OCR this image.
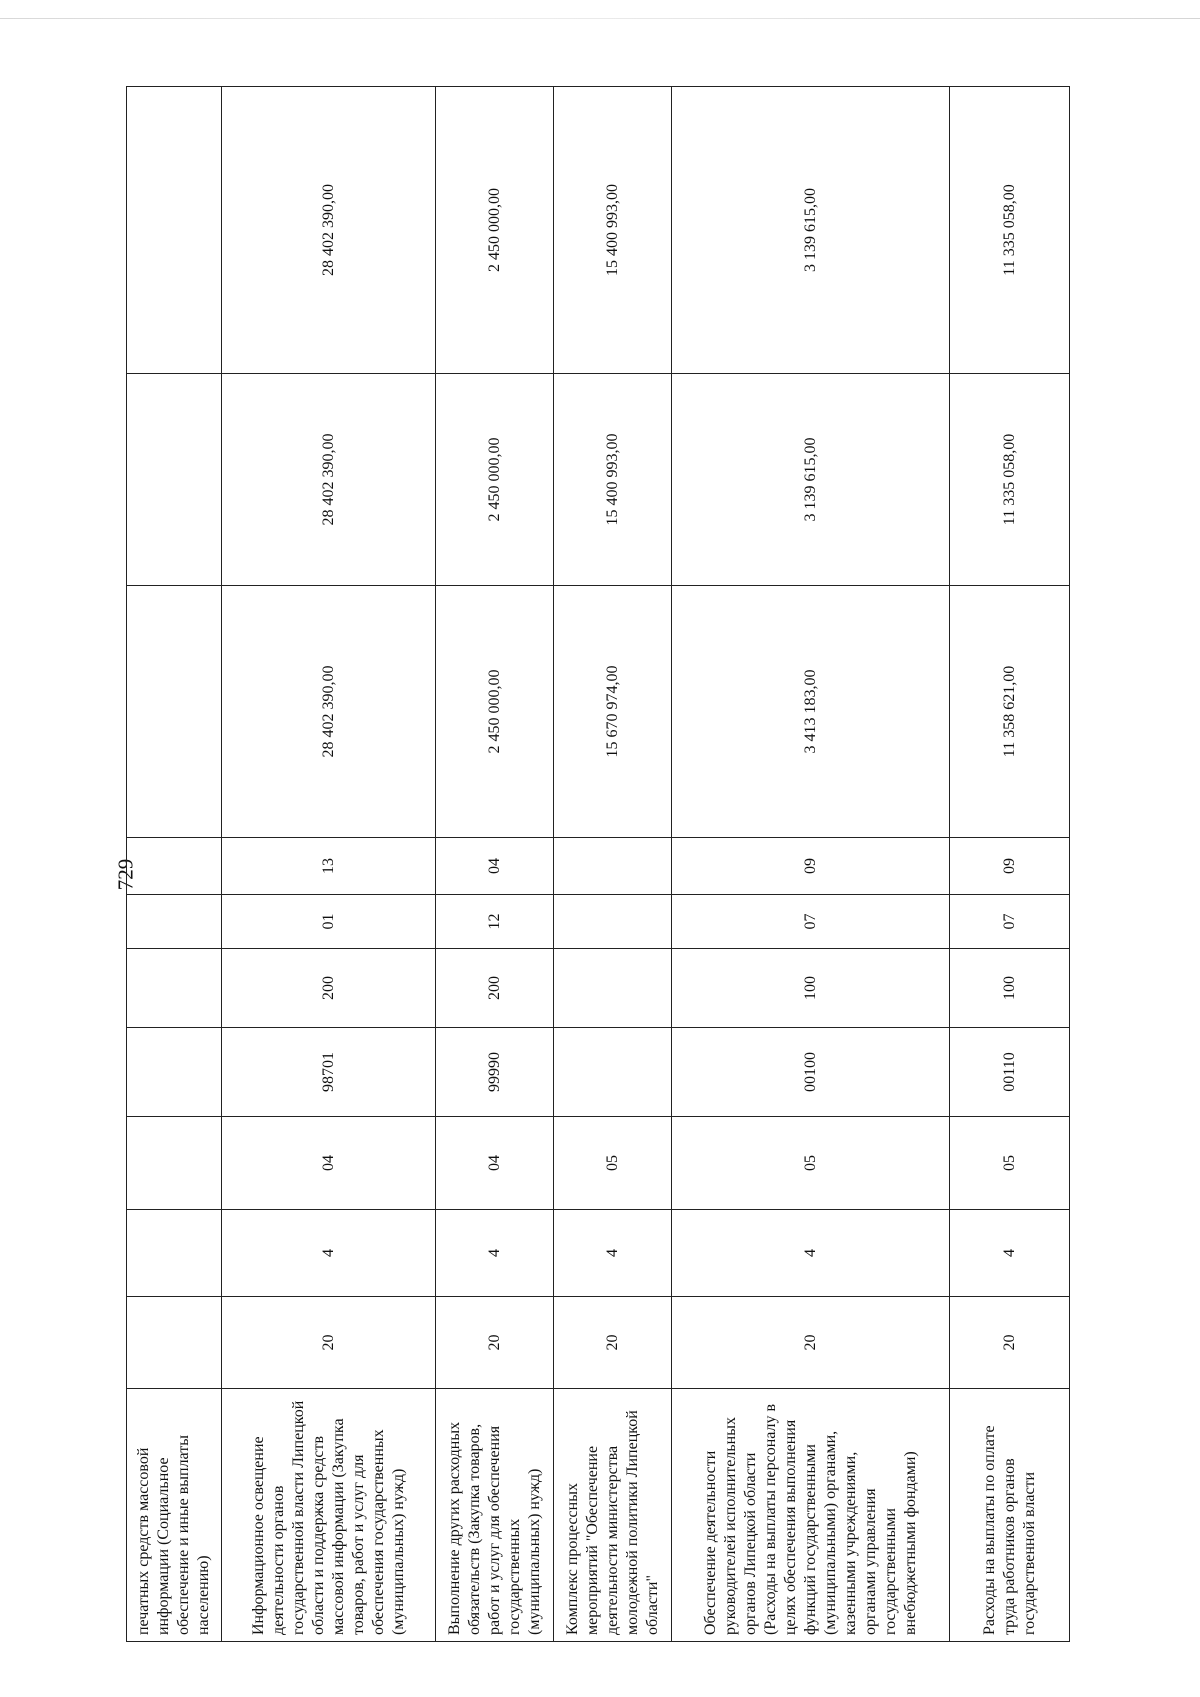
729
печатных средств массовой информации (Социальное обеспечение и иные выплаты населению)										
Информационное освещение деятельности органов государственной власти Липецкой области и поддержка средств массовой информации (Закупка товаров, работ и услуг для обеспечения государственных (муниципальных) нужд)	20	4	04	98701	200	01	13	28 402 390,00	28 402 390,00	28 402 390,00
Выполнение других расходных обязательств (Закупка товаров, работ и услуг для обеспечения государственных (муниципальных) нужд)	20	4	04	99990	200	12	04	2 450 000,00	2 450 000,00	2 450 000,00
Комплекс процессных мероприятий "Обеспечение деятельности министерства молодежной политики Липецкой области"	20	4	05					15 670 974,00	15 400 993,00	15 400 993,00
Обеспечение деятельности руководителей исполнительных органов Липецкой области (Расходы на выплаты персоналу в целях обеспечения выполнения функций государственными (муниципальными) органами, казенными учреждениями, органами управления государственными внебюджетными фондами)	20	4	05	00100	100	07	09	3 413 183,00	3 139 615,00	3 139 615,00
Расходы на выплаты по оплате труда работников органов государственной власти	20	4	05	00110	100	07	09	11 358 621,00	11 335 058,00	11 335 058,00
